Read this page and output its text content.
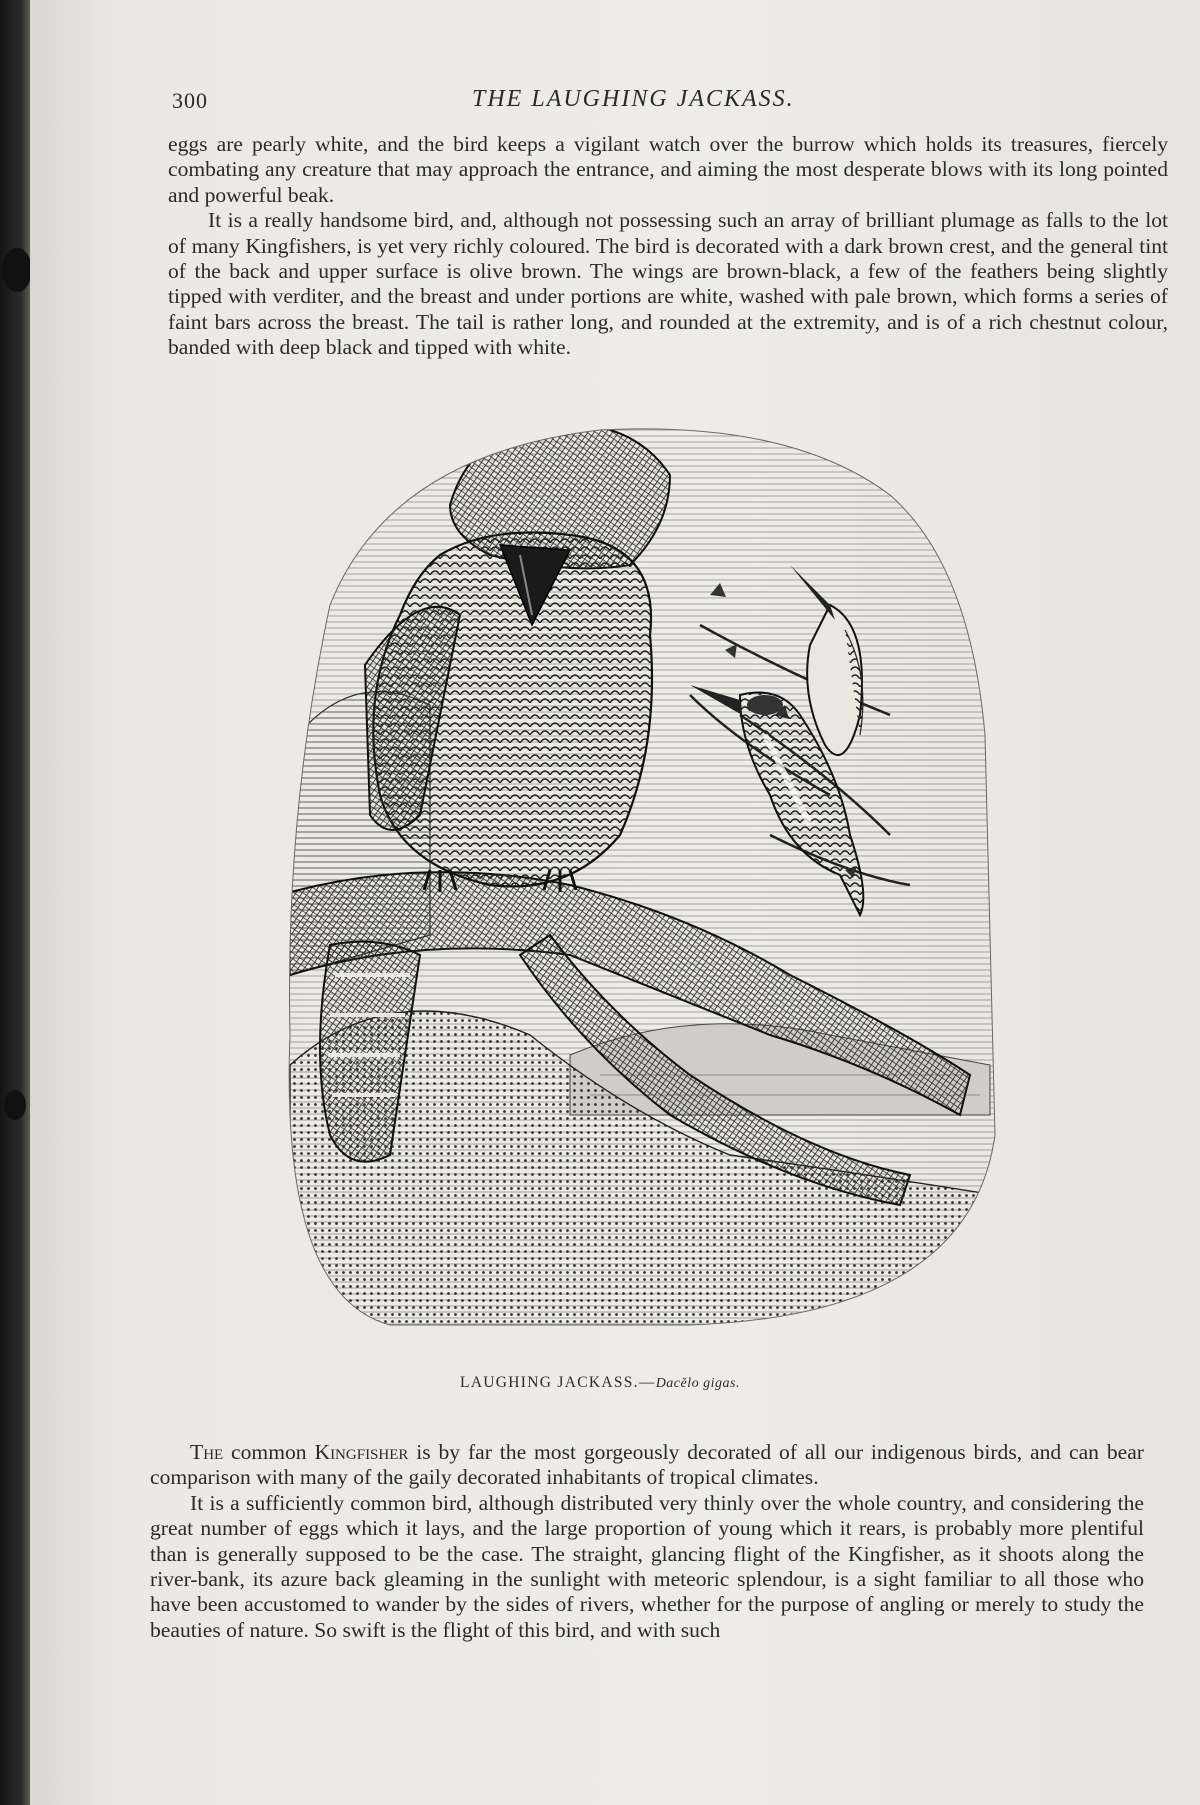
300	THE LAUGHING JACKASS.

eggs are pearly white, and the bird keeps a vigilant watch over the burrow which holds its treasures, fiercely combating any creature that may approach the entrance, and aiming the most desperate blows with its long pointed and powerful beak.

It is a really handsome bird, and, although not possessing such an array of brilliant plumage as falls to the lot of many Kingfishers, is yet very richly coloured. The bird is decorated with a dark brown crest, and the general tint of the back and upper surface is olive brown. The wings are brown-black, a few of the feathers being slightly tipped with verditer, and the breast and under portions are white, washed with pale brown, which forms a series of faint bars across the breast. The tail is rather long, and rounded at the extremity, and is of a rich chestnut colour, banded with deep black and tipped with white.

LAUGHING JACKASS.—Dacĕlo gigas.

The common Kingfisher is by far the most gorgeously decorated of all our indigenous birds, and can bear comparison with many of the gaily decorated inhabitants of tropical climates.

It is a sufficiently common bird, although distributed very thinly over the whole country, and considering the great number of eggs which it lays, and the large proportion of young which it rears, is probably more plentiful than is generally supposed to be the case. The straight, glancing flight of the Kingfisher, as it shoots along the river-bank, its azure back gleaming in the sunlight with meteoric splendour, is a sight familiar to all those who have been accustomed to wander by the sides of rivers, whether for the purpose of angling or merely to study the beauties of nature. So swift is the flight of this bird, and with such
